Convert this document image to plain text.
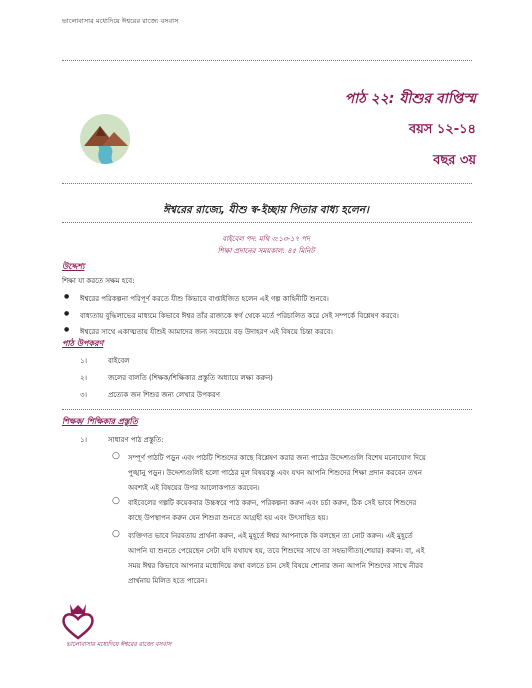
ভালোবাসার মধ্যেদিয়ে ঈশ্বরের রাজ্যে বসবাস
পাঠ ২২: যীশুর বাপ্তিস্ম
বয়স ১২-১৪
বছর ৩য়
ঈশ্বরের রাজ্যে, যীশু স্ব-ইচ্ছায় পিতার বাধ্য হলেন।
বাইবেল পদ: মথি ৩:১৩-১৭ পদ
শিক্ষা প্রদানের সময়কাল: ৪৫ মিনিট
উদ্দেশ্য
শিক্ষা যা করতে সক্ষম হবে:
● ঈশ্বরের পরিকল্পনা পরিপূর্ণ করতে যীশু কিভাবে বাপ্তাইজিত হলেন এই গল্প কাহিনীটি শুনবে।
● বাধ্যতায় বুদ্ধিলাভের মাধ্যমে কিভাবে ঈশ্বর তাঁর রাজ্যকে স্বর্গ থেকে মর্তে পরিচালিত করে সেই সম্পর্কে বিশ্লেষণ করবে।
● ঈশ্বরের সাথে একাত্মতায় যীশুই আমাদের জন্য সবচেয়ে বড় উদাহরণ এই বিষয়ে চিন্তা করবে।
পাঠ উপকরণ
১।	বাইবেল
২।	জলের বালতি (শিক্ষক/শিক্ষিকার প্রস্তুতি অধ্যায়ে লক্ষ্য করুন)
৩।	প্রত্যেক জন শিশুর জন্য লেখার উপকরণ
শিক্ষক/ শিক্ষিকার প্রস্তুতি
১।	সাধারণ পাঠ প্রস্তুতি:
○ সম্পূর্ণ পাঠটি পড়ুন এবং পাঠটি শিশুদের কাছে বিশ্লেষণ করার জন্য পাঠের উদ্দেশ্যগুলি বিশেষ মনোযোগ দিয়ে
পুঙ্খানু পড়ুন। উদ্দেশ্যগুলিই হলো পাঠের মূল বিষয়বস্তু এবং যখন আপনি শিশুদের শিক্ষা প্রদান করবেন তখন
অবশ্যই এই বিষয়ের উপর আলোকপাত করবেন।
○ বাইবেলের গল্পটি কয়েকবার উচ্চস্বরে পাঠ করুন, পরিকল্পনা করুন এবং চর্চা করুন, ঠিক সেই ভাবে শিশুদের
কাছে উপস্থাপন করুন যেন শিশুরা শুনতে আগ্রহী হয় এবং উৎসাহিত হয়।
○ ব্যক্তিগত ভাবে নিরবতায় প্রার্থনা করুন, এই মুহূর্তে ঈশ্বর আপনাকে কি বলছেন তা নোট করুন। এই মুহূর্তে
আপনি যা শুনতে পেয়েছেন সেটা যদি যথাযথ হয়, তবে শিশুদের সাথে তা সহভাগীতা(শেয়ার) করুন। বা, এই
সময় ঈশ্বর কিভাবে আপনার মধ্যেদিয়ে কথা বলতে চান সেই বিষয়ে শোনার জন্য আপনি শিশুদের সাথে নীরব
প্রার্থনায় মিলিত হতে পারেন।
ভালোবাসার মধ্যেদিয়ে ঈশ্বরের রাজ্যে বসবাস
